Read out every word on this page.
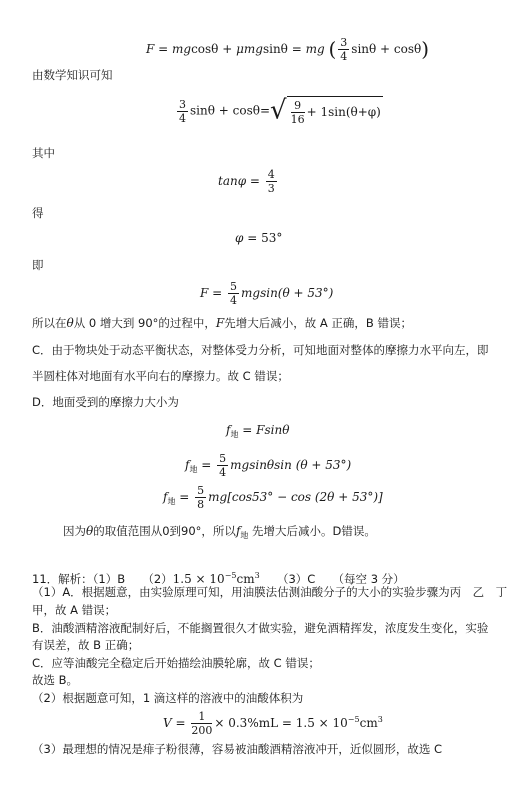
F = mgcosθ + μmgsinθ = mg ( $\frac{3}{4}$ sinθ + cosθ)
由数学知识可知
$\frac{3}{4}$ $\sin\theta + \cos\theta=√ \frac{9}{16} + 1\sin(\theta+\varphi)$
其中
$\tan\varphi = \frac{4}{3}$
得
φ = 53°
即
$F = \frac{5}{4} mgsin(\theta + 53^\circ)$
所以在θ从 0 增大到 90°的过程中，F先增大后减小，故 A 正确，B 错误；
C．由于物块处于动态平衡状态，对整体受力分析，可知地面对整体的摩擦力水平向左，即
半圆柱体对地面有水平向右的摩擦力。故 C 错误；
D．地面受到的摩擦力大小为
$f_地 = Fsin\theta$
$f_地 = \frac{5}{4}$ mgsinθsin (θ + 53°)
$f_地 = \frac{5}{8} mg[\cos 53^\circ - \cos (2\theta + 53^\circ)]$
因为θ的取值范围从0到90°，所以$f_地$ 先增大后减小。D错误。
11．解析：（1）B　　$(2)1.5 \times 10^{-5}cm^3$　　（3）C　　（每空 3 分）
（1）A．根据题意，由实验原理可知，用油膜法估测油酸分子的大小的实验步骤为丙　乙　丁
甲，故 A 错误；
B．油酸酒精溶液配制好后，不能搁置很久才做实验，避免酒精挥发，浓度发生变化，实验
有误差，故 B 正确；
C．应等油酸完全稳定后开始描绘油膜轮廓，故 C 错误；
故选 B。
（2）根据题意可知，1 滴这样的溶液中的油酸体积为
$V = \frac{1}{200} \times 0.3\%mL = 1.5 \times 10^{-5}cm^3$
（3）最理想的情况是痱子粉很薄，容易被油酸酒精溶液冲开，近似圆形，故选 C
